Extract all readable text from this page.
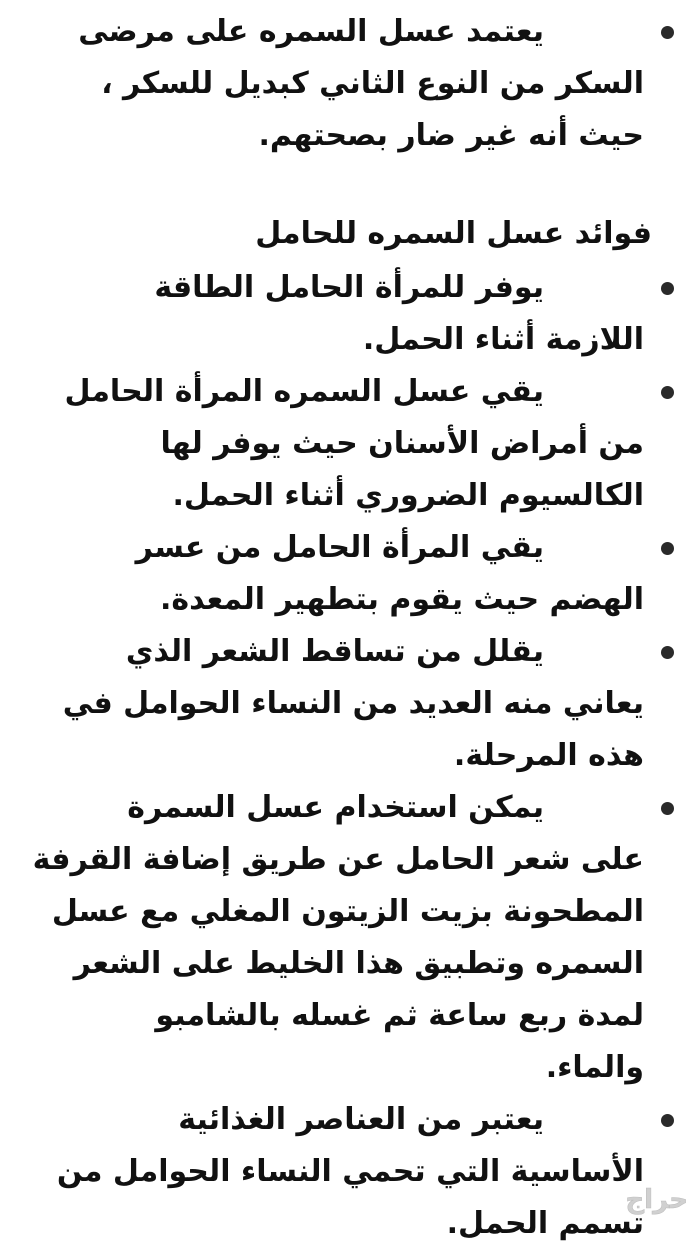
يعتمد عسل السمره على مرضى
السكر من النوع الثاني كبديل للسكر ،
حيث أنه غير ضار بصحتهم.
فوائد عسل السمره للحامل
يوفر للمرأة الحامل الطاقة
اللازمة أثناء الحمل.
يقي عسل السمره المرأة الحامل
من أمراض الأسنان حيث يوفر لها
الكالسيوم الضروري أثناء الحمل.
يقي المرأة الحامل من عسر
الهضم حيث يقوم بتطهير المعدة.
يقلل من تساقط الشعر الذي
يعاني منه العديد من النساء الحوامل في
هذه المرحلة.
يمكن استخدام عسل السمرة
على شعر الحامل عن طريق إضافة القرفة
المطحونة بزيت الزيتون المغلي مع عسل
السمره وتطبيق هذا الخليط على الشعر
لمدة ربع ساعة ثم غسله بالشامبو
والماء.
يعتبر من العناصر الغذائية
الأساسية التي تحمي النساء الحوامل من
تسمم الحمل.
حراج
